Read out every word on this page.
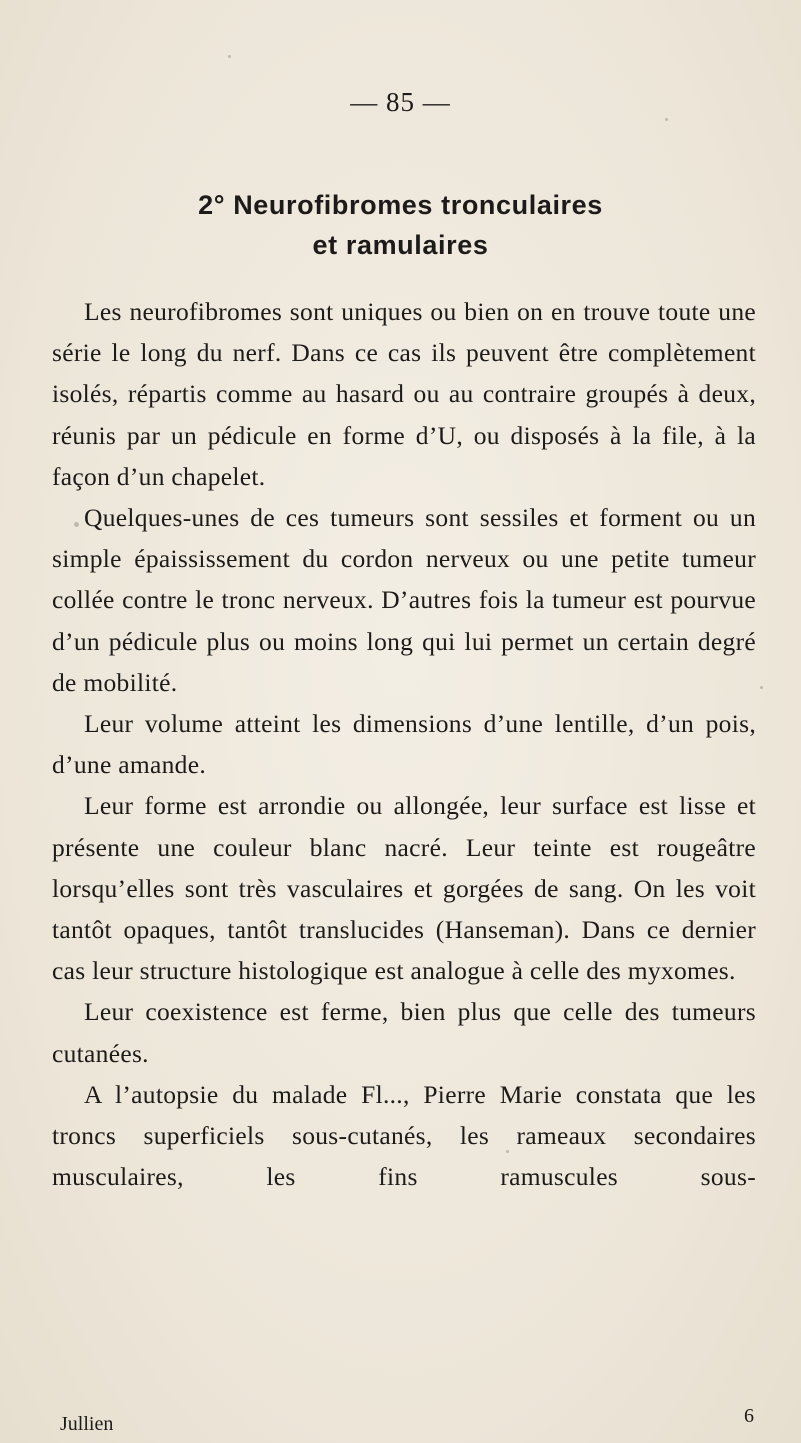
— 85 —
2° Neurofibromes tronculaires
et ramulaires

Les neurofibromes sont uniques ou bien on en trouve toute une série le long du nerf. Dans ce cas ils peuvent être complètement isolés, répartis comme au hasard ou au contraire groupés à deux, réunis par un pédicule en forme d’U, ou disposés à la file, à la façon d’un chapelet.

Quelques-unes de ces tumeurs sont sessiles et forment ou un simple épaississement du cordon nerveux ou une petite tumeur collée contre le tronc nerveux. D’autres fois la tumeur est pourvue d’un pédicule plus ou moins long qui lui permet un certain degré de mobilité.

Leur volume atteint les dimensions d’une lentille, d’un pois, d’une amande.

Leur forme est arrondie ou allongée, leur surface est lisse et présente une couleur blanc nacré. Leur teinte est rougeâtre lorsqu’elles sont très vasculaires et gorgées de sang. On les voit tantôt opaques, tantôt translucides (Hanseman). Dans ce dernier cas leur structure histologique est analogue à celle des myxomes.

Leur coexistence est ferme, bien plus que celle des tumeurs cutanées.

A l’autopsie du malade Fl..., Pierre Marie constata que les troncs superficiels sous-cutanés, les rameaux secondaires musculaires, les fins ramuscules sous-

Jullien	6
